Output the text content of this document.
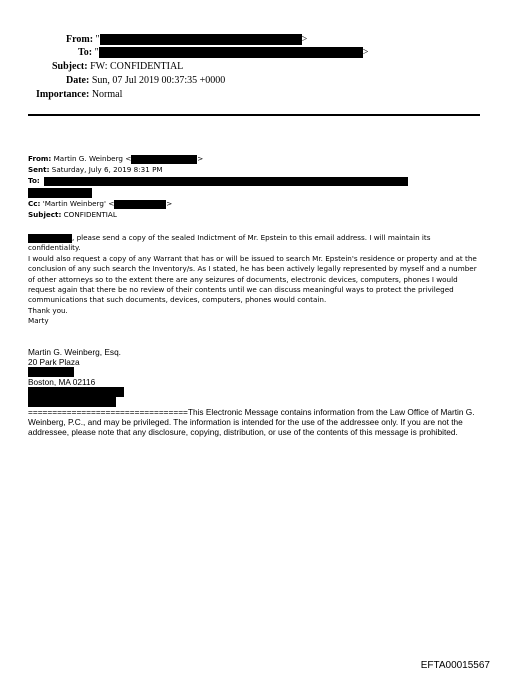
From: "	>
To: "	>
Subject: FW: CONFIDENTIAL
Date: Sun, 07 Jul 2019 00:37:35 +0000
Importance: Normal
From: Martin G. Weinberg <	>
Sent: Saturday, July 6, 2019 8:31 PM
To:
Cc: 'Martin Weinberg' <	>
Subject: CONFIDENTIAL

, please send a copy of the sealed Indictment of Mr. Epstein to this email address. I will maintain its confidentiality.

I would also request a copy of any Warrant that has or will be issued to search Mr. Epstein's residence or property and at the conclusion of any such search the Inventory/s. As I stated, he has been actively legally represented by myself and a number of other attorneys so to the extent there are any seizures of documents, electronic devices, computers, phones I would request again that there be no review of their contents until we can discuss meaningful ways to protect the privileged communications that such documents, devices, computers, phones would contain.

Thank you.

Marty

Martin G. Weinberg, Esq.
20 Park Plaza
Boston, MA 02116
=================================This Electronic Message contains information from the Law Office of Martin G. Weinberg, P.C., and may be privileged. The information is intended for the use of the addressee only. If you are not the addressee, please note that any disclosure, copying, distribution, or use of the contents of this message is prohibited.
EFTA00015567
